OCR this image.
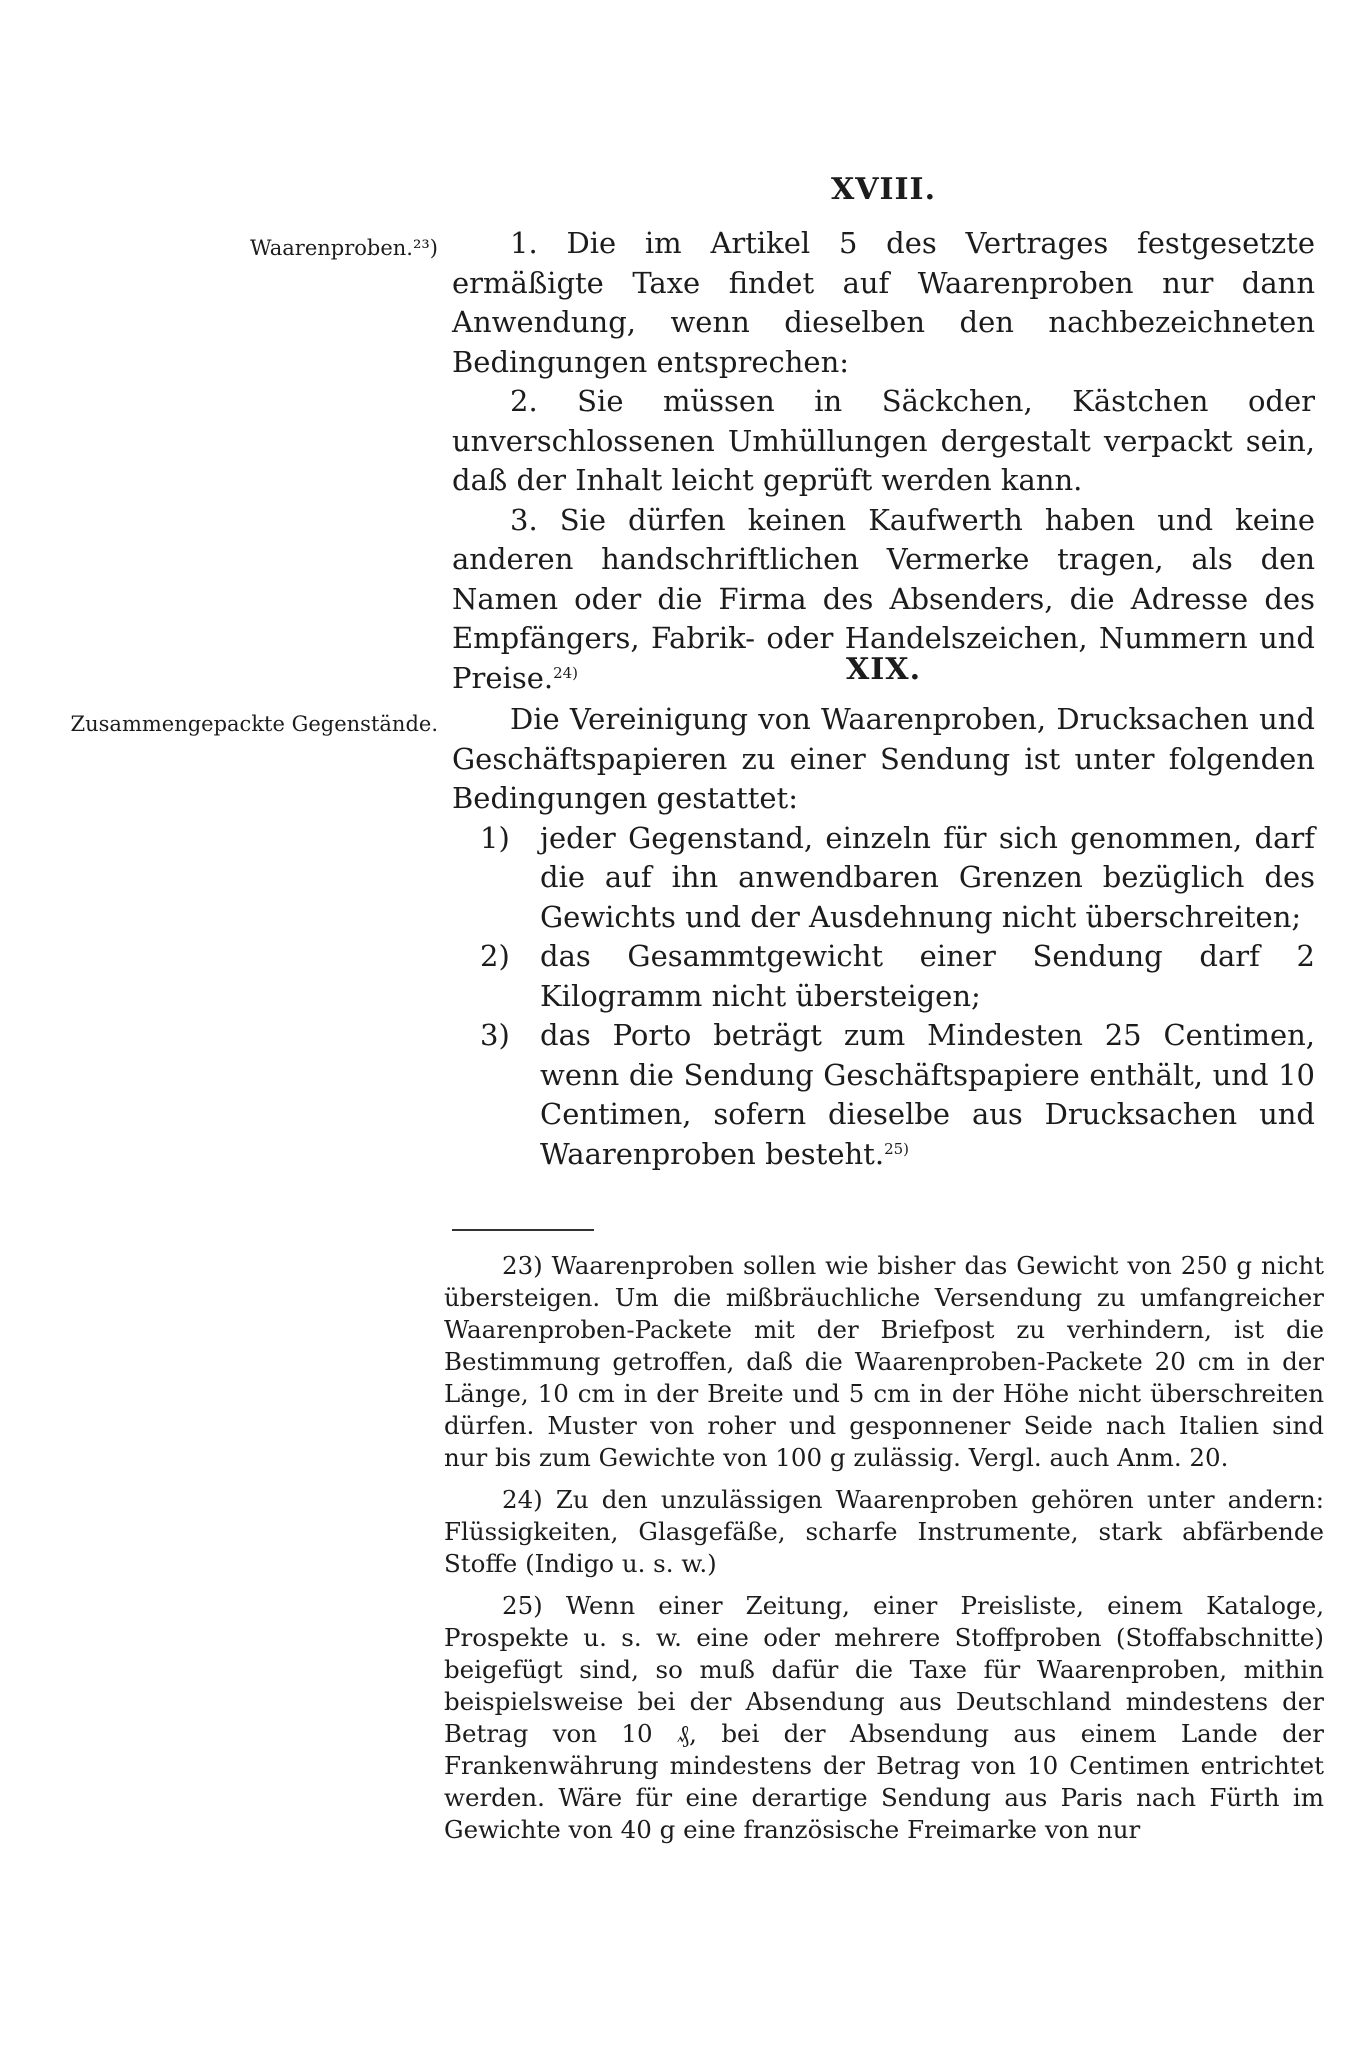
XVIII.
Waarenproben.²³)	1. Die im Artikel 5 des Vertrages festgesetzte ermäßigte Taxe findet auf Waarenproben nur dann Anwendung, wenn dieselben den nachbezeichneten Bedingungen entsprechen:

2. Sie müssen in Säckchen, Kästchen oder unverschlossenen Umhüllungen dergestalt verpackt sein, daß der Inhalt leicht geprüft werden kann.

3. Sie dürfen keinen Kaufwerth haben und keine anderen handschriftlichen Vermerke tragen, als den Namen oder die Firma des Absenders, die Adresse des Empfängers, Fabrik- oder Handelszeichen, Nummern und Preise.$^{24)}$	XIX.
Zusammengepackte Gegenstände.	Die Vereinigung von Waarenproben, Drucksachen und Geschäftspapieren zu einer Sendung ist unter folgenden Bedingungen gestattet:

1)	jeder Gegenstand, einzeln für sich genommen, darf die auf ihn anwendbaren Grenzen bezüglich des Gewichts und der Ausdehnung nicht überschreiten;
2)	das Gesammtgewicht einer Sendung darf 2 Kilogramm nicht übersteigen;
3)	das Porto beträgt zum Mindesten 25 Centimen, wenn die Sendung Geschäftspapiere enthält, und 10 Centimen, sofern dieselbe aus Drucksachen und Waarenproben besteht.$^{25)}$

23) Waarenproben sollen wie bisher das Gewicht von 250 g nicht übersteigen. Um die mißbräuchliche Versendung zu umfangreicher Waarenproben-Packete mit der Briefpost zu verhindern, ist die Bestimmung getroffen, daß die Waarenproben-Packete 20 cm in der Länge, 10 cm in der Breite und 5 cm in der Höhe nicht überschreiten dürfen. Muster von roher und gesponnener Seide nach Italien sind nur bis zum Gewichte von 100 g zulässig. Vergl. auch Anm. 20.

24) Zu den unzulässigen Waarenproben gehören unter andern: Flüssigkeiten, Glasgefäße, scharfe Instrumente, stark abfärbende Stoffe (Indigo u. s. w.)

25) Wenn einer Zeitung, einer Preisliste, einem Kataloge, Prospekte u. s. w. eine oder mehrere Stoffproben (Stoffabschnitte) beigefügt sind, so muß dafür die Taxe für Waarenproben, mithin beispielsweise bei der Absendung aus Deutschland mindestens der Betrag von 10 ₰, bei der Absendung aus einem Lande der Frankenwährung mindestens der Betrag von 10 Centimen entrichtet werden. Wäre für eine derartige Sendung aus Paris nach Fürth im Gewichte von 40 g eine französische Freimarke von nur
